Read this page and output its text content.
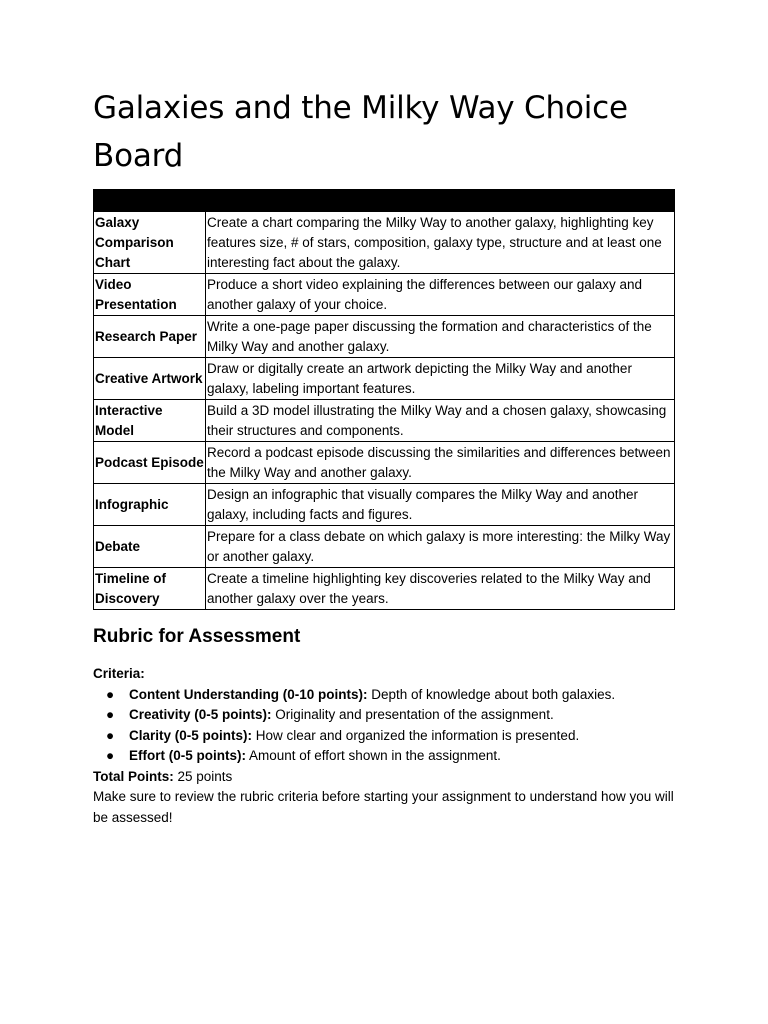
Galaxies and the Milky Way Choice Board

Galaxy Comparison Chart	Create a chart comparing the Milky Way to another galaxy, highlighting key features size, # of stars, composition, galaxy type, structure and at least one interesting fact about the galaxy.
Video Presentation	Produce a short video explaining the differences between our galaxy and another galaxy of your choice.
Research Paper	Write a one-page paper discussing the formation and characteristics of the Milky Way and another galaxy.
Creative Artwork	Draw or digitally create an artwork depicting the Milky Way and another galaxy, labeling important features.
Interactive Model	Build a 3D model illustrating the Milky Way and a chosen galaxy, showcasing their structures and components.
Podcast Episode	Record a podcast episode discussing the similarities and differences between the Milky Way and another galaxy.
Infographic	Design an infographic that visually compares the Milky Way and another galaxy, including facts and figures.
Debate	Prepare for a class debate on which galaxy is more interesting: the Milky Way or another galaxy.
Timeline of Discovery	Create a timeline highlighting key discoveries related to the Milky Way and another galaxy over the years.
Rubric for Assessment
Criteria:
● Content Understanding (0-10 points): Depth of knowledge about both galaxies.
● Creativity (0-5 points): Originality and presentation of the assignment.
● Clarity (0-5 points): How clear and organized the information is presented.
● Effort (0-5 points): Amount of effort shown in the assignment.
Total Points: 25 points
Make sure to review the rubric criteria before starting your assignment to understand how you will be assessed!
